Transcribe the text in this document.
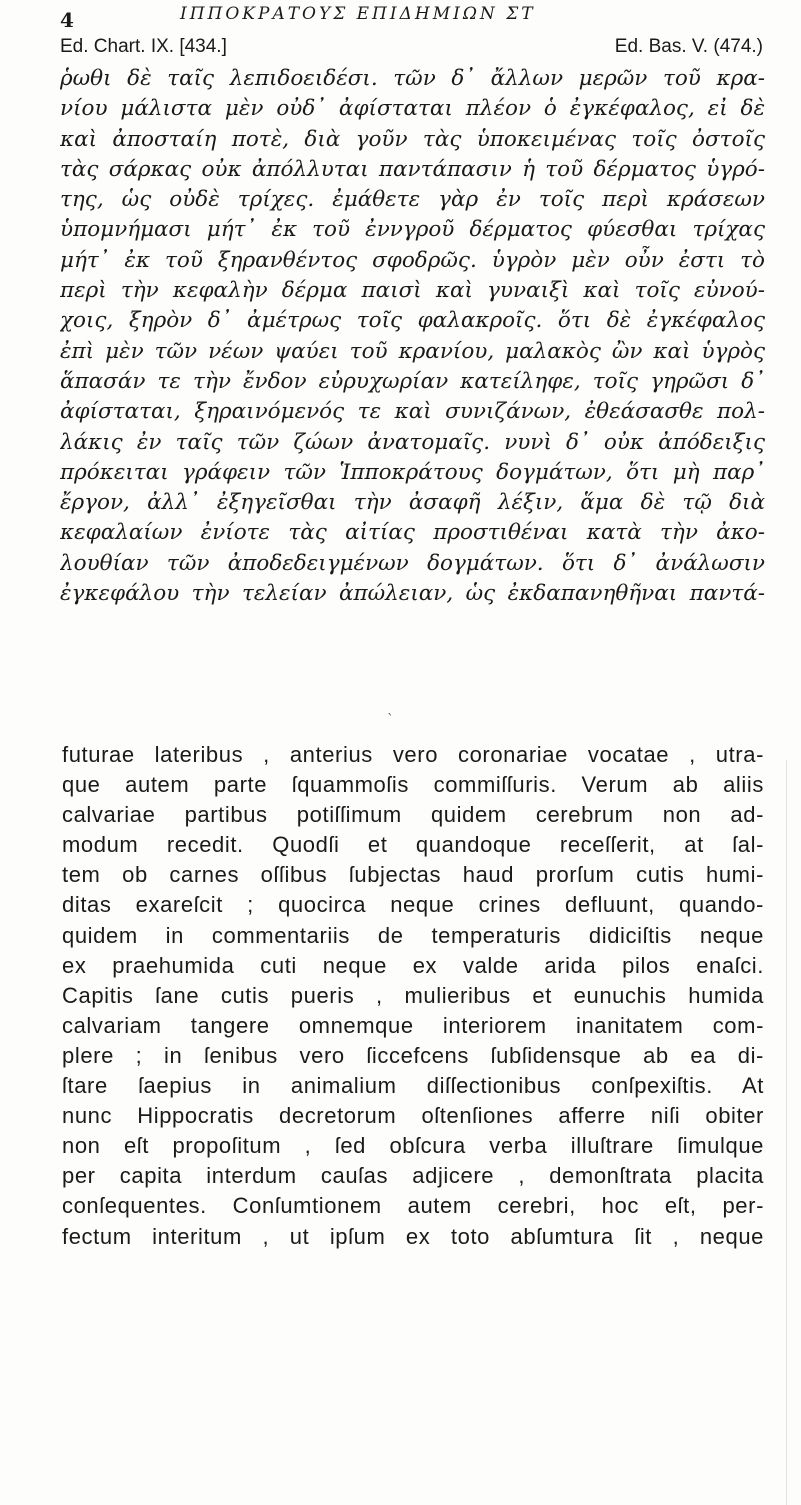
4	ΙΠΠΟΚΡΑΤΟΥΣ ΕΠΙΔΗΜΙΩΝ ΣΤ
Ed. Chart. IX. [434.]	Ed. Bas. V. (474.)
ῥωθι δὲ ταῖς λεπιδοειδέσι. τῶν δ᾽ ἄλλων μερῶν τοῦ κρα-
νίου μάλιστα μὲν οὐδ᾽ ἀφίσταται πλέον ὁ ἐγκέφαλος, εἰ δὲ
καὶ ἀποσταίη ποτὲ, διὰ γοῦν τὰς ὑποκειμένας τοῖς ὀστοῖς
τὰς σάρκας οὐκ ἀπόλλυται παντάπασιν ἡ τοῦ δέρματος ὑγρό-
της, ὡς οὐδὲ τρίχες. ἐμάθετε γὰρ ἐν τοῖς περὶ κράσεων
ὑπομνήμασι μήτ᾽ ἐκ τοῦ ἐννγροῦ δέρματος φύεσθαι τρίχας
μήτ᾽ ἐκ τοῦ ξηρανθέντος σφοδρῶς. ὑγρὸν μὲν οὖν ἐστι τὸ
περὶ τὴν κεφαλὴν δέρμα παισὶ καὶ γυναιξὶ καὶ τοῖς εὐνού-
χοις, ξηρὸν δ᾽ ἀμέτρως τοῖς φαλακροῖς. ὅτι δὲ ἐγκέφαλος
ἐπὶ μὲν τῶν νέων ψαύει τοῦ κρανίου, μαλακὸς ὢν καὶ ὑγρὸς
ἅπασάν τε τὴν ἔνδον εὐρυχωρίαν κατείληφε, τοῖς γηρῶσι δ᾽
ἀφίσταται, ξηραινόμενός τε καὶ συνιζάνων, ἐθεάσασθε πολ-
λάκις ἐν ταῖς τῶν ζώων ἀνατομαῖς. νυνὶ δ᾽ οὐκ ἀπόδειξις
πρόκειται γράφειν τῶν Ἱπποκράτους δογμάτων, ὅτι μὴ παρ᾽
ἔργον, ἀλλ᾽ ἐξηγεῖσθαι τὴν ἀσαφῆ λέξιν, ἅμα δὲ τῷ διὰ
κεφαλαίων ἐνίοτε τὰς αἰτίας προστιθέναι κατὰ τὴν ἀκο-
λουθίαν τῶν ἀποδεδειγμένων δογμάτων. ὅτι δ᾽ ἀνάλωσιν
ἐγκεφάλου τὴν τελείαν ἀπώλειαν, ὡς ἐκδαπανηθῆναι παντά-
ˋ
futurae lateribus , anterius vero coronariae vocatae , utra-
que autem parte ſquammoſis commiſſuris. Verum ab aliis
calvariae partibus potiſſimum quidem cerebrum non ad-
modum recedit. Quodſi et quandoque receſſerit, at ſal-
tem ob carnes oſſibus ſubjectas haud prorſum cutis humi-
ditas exareſcit ; quocirca neque crines defluunt, quando-
quidem in commentariis de temperaturis didiciſtis neque
ex praehumida cuti neque ex valde arida pilos enaſci.
Capitis ſane cutis pueris , mulieribus et eunuchis humida
calvariam tangere omnemque interiorem inanitatem com-
plere ; in ſenibus vero ſiccefcens ſubſidensque ab ea di-
ſtare ſaepius in animalium diſſectionibus conſpexiſtis. At
nunc Hippocratis decretorum oſtenſiones afferre niſi obiter
non eſt propoſitum , ſed obſcura verba illuſtrare ſimulque
per capita interdum cauſas adjicere , demonſtrata placita
conſequentes. Conſumtionem autem cerebri, hoc eſt, per-
fectum interitum , ut ipſum ex toto abſumtura ſit , neque
